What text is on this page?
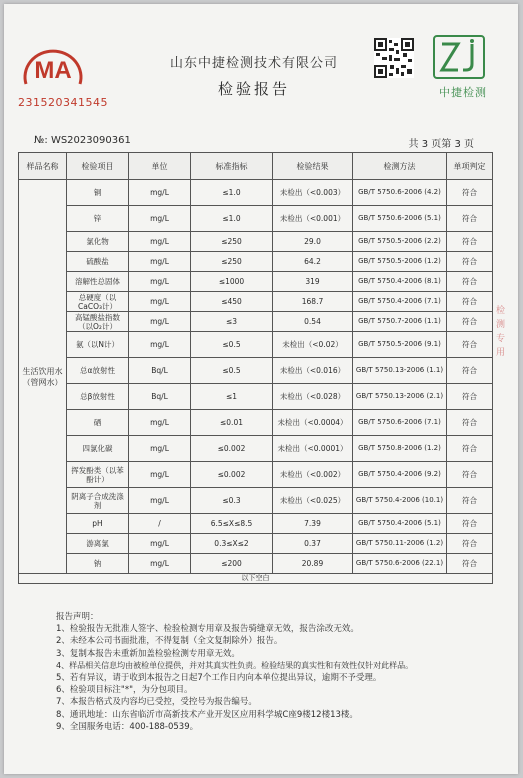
MA
231520341545
山东中捷检测技术有限公司
检验报告	中捷检测
№: WS2023090361	共 3 页第 3 页
样品名称	检验项目	单位	标准指标	检验结果	检测方法	单项判定
生活饮用水（管网水）	铜	mg/L	≤1.0	未检出（<0.003）	GB/T 5750.6-2006 (4.2)	符合
	锌	mg/L	≤1.0	未检出（<0.001）	GB/T 5750.6-2006 (5.1)	符合
	氯化物	mg/L	≤250	29.0	GB/T 5750.5-2006 (2.2)	符合
	硫酸盐	mg/L	≤250	64.2	GB/T 5750.5-2006 (1.2)	符合
	溶解性总固体	mg/L	≤1000	319	GB/T 5750.4-2006 (8.1)	符合
	总硬度（以CaCO₃计）	mg/L	≤450	168.7	GB/T 5750.4-2006 (7.1)	符合
	高锰酸盐指数（以O₂计）	mg/L	≤3	0.54	GB/T 5750.7-2006 (1.1)	符合
	氨（以N计）	mg/L	≤0.5	未检出（<0.02）	GB/T 5750.5-2006 (9.1)	符合
	总α放射性	Bq/L	≤0.5	未检出（<0.016）	GB/T 5750.13-2006 (1.1)	符合
	总β放射性	Bq/L	≤1	未检出（<0.028）	GB/T 5750.13-2006 (2.1)	符合
	硒	mg/L	≤0.01	未检出（<0.0004）	GB/T 5750.6-2006 (7.1)	符合
	四氯化碳	mg/L	≤0.002	未检出（<0.0001）	GB/T 5750.8-2006 (1.2)	符合
	挥发酚类（以苯酚计）	mg/L	≤0.002	未检出（<0.002）	GB/T 5750.4-2006 (9.2)	符合
	阴离子合成洗涤剂	mg/L	≤0.3	未检出（<0.025）	GB/T 5750.4-2006 (10.1)	符合
	pH	/	6.5≤X≤8.5	7.39	GB/T 5750.4-2006 (5.1)	符合
	游离氯	mg/L	0.3≤X≤2	0.37	GB/T 5750.11-2006 (1.2)	符合
	钠	mg/L	≤200	20.89	GB/T 5750.6-2006 (22.1)	符合
以下空白						
报告声明：
1、检验报告无批准人签字、检验检测专用章及报告骑缝章无效，报告涂改无效。
2、未经本公司书面批准，不得复制（全文复制除外）报告。
3、复制本报告未重新加盖检验检测专用章无效。
4、样品相关信息均由被检单位提供，并对其真实性负责。检验结果的真实性和有效性仅针对此样品。
5、若有异议，请于收到本报告之日起7个工作日内向本单位提出异议，逾期不予受理。
6、检验项目标注"*"，为分包项目。
7、本报告格式及内容均已受控，受控号为报告编号。
8、通讯地址：山东省临沂市高新技术产业开发区应用科学城C座9楼12楼13楼。
9、全国服务电话：400-188-0539。
检
测
专
用
